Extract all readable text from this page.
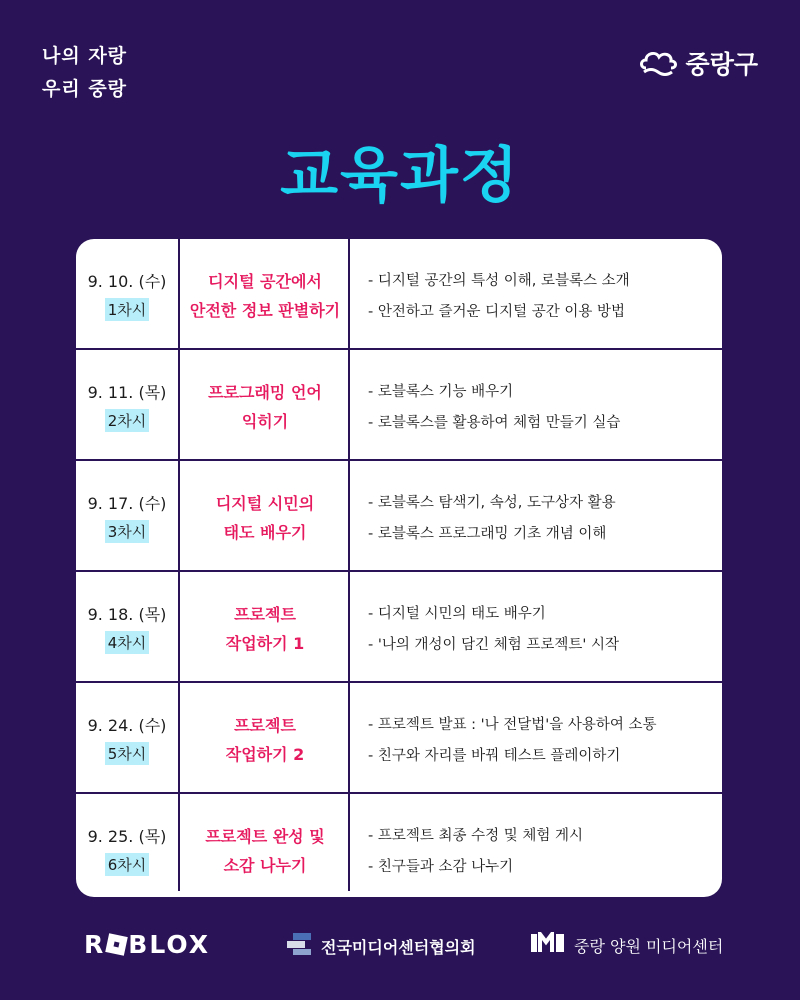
나의 자랑
우리 중랑
중랑구
교육과정
9. 10. (수)
1차시
디지털 공간에서
안전한 정보 판별하기
- 디지털 공간의 특성 이해, 로블록스 소개
- 안전하고 즐거운 디지털 공간 이용 방법
9. 11. (목)
2차시
프로그래밍 언어
익히기
- 로블록스 기능 배우기
- 로블록스를 활용하여 체험 만들기 실습
9. 17. (수)
3차시
디지털 시민의
태도 배우기
- 로블록스 탐색기, 속성, 도구상자 활용
- 로블록스 프로그래밍 기초 개념 이해
9. 18. (목)
4차시
프로젝트
작업하기 1
- 디지털 시민의 태도 배우기
- '나의 개성이 담긴 체험 프로젝트' 시작
9. 24. (수)
5차시
프로젝트
작업하기 2
- 프로젝트 발표 : '나 전달법'을 사용하여 소통
- 친구와 자리를 바꿔 테스트 플레이하기
9. 25. (목)
6차시
프로젝트 완성 및
소감 나누기
- 프로젝트 최종 수정 및 체험 게시
- 친구들과 소감 나누기
R BLOX	전국미디어센터협의회	중랑 양원 미디어센터
